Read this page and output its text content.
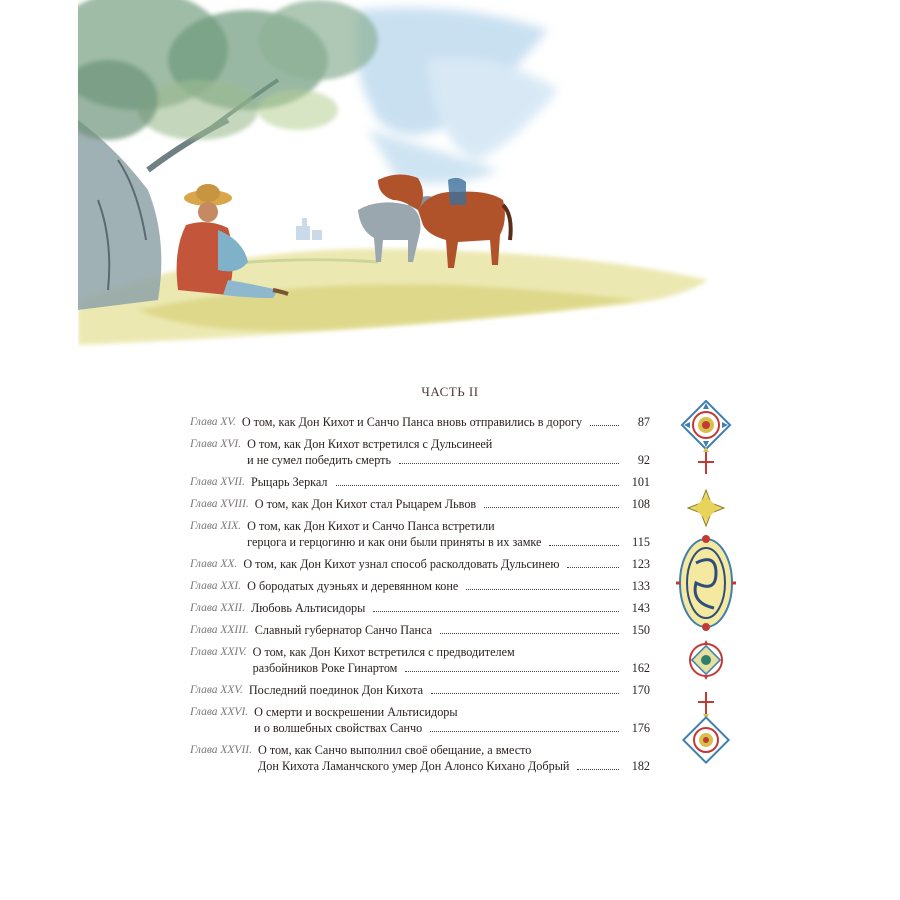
ЧАСТЬ II
Глава XV. О том, как Дон Кихот и Санчо Панса вновь отправились в дорогу	87
Глава XVI. О том, как Дон Кихот встретился с Дульсинеей
и не сумел победить смерть	92
Глава XVII. Рыцарь Зеркал	101
Глава XVIII. О том, как Дон Кихот стал Рыцарем Львов	108
Глава XIX. О том, как Дон Кихот и Санчо Панса встретили
герцога и герцогиню и как они были приняты в их замке	115
Глава XX. О том, как Дон Кихот узнал способ расколдовать Дульсинею	123
Глава XXI. О бородатых дуэньях и деревянном коне	133
Глава XXII. Любовь Альтисидоры	143
Глава XXIII. Славный губернатор Санчо Панса	150
Глава XXIV. О том, как Дон Кихот встретился с предводителем
разбойников Роке Гинартом	162
Глава XXV. Последний поединок Дон Кихота	170
Глава XXVI. О смерти и воскрешении Альтисидоры
и о волшебных свойствах Санчо	176
Глава XXVII. О том, как Санчо выполнил своё обещание, а вместо
Дон Кихота Ламанчского умер Дон Алонсо Кихано Добрый	182
